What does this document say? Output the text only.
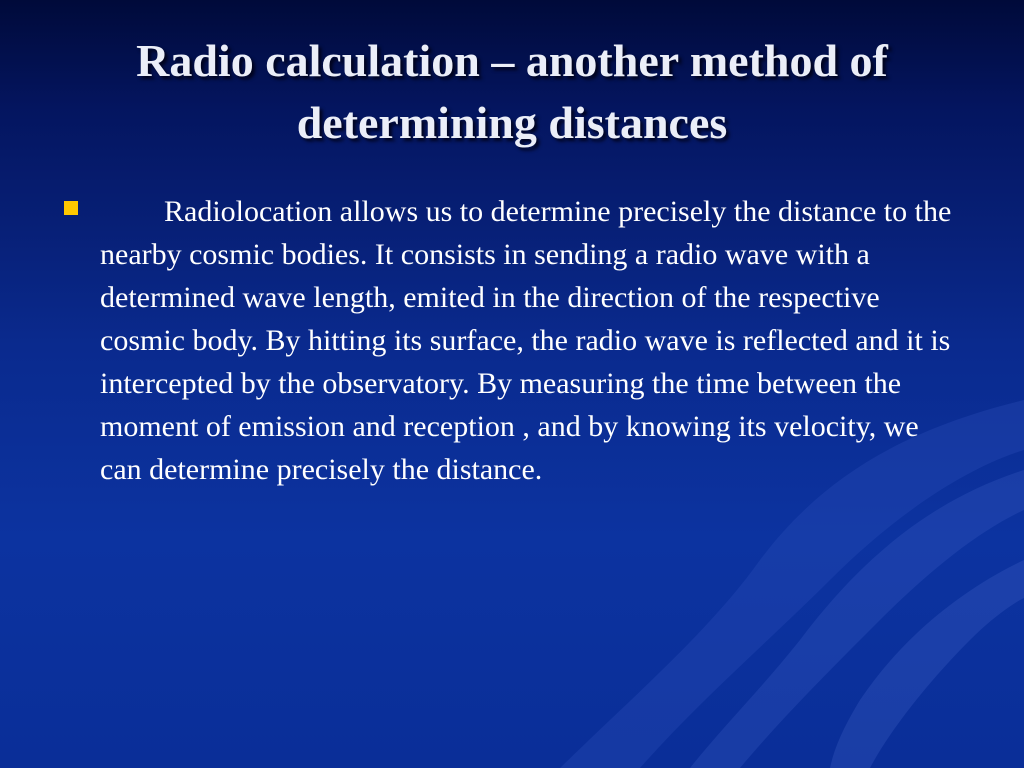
Radio calculation – another method of determining distances
Radiolocation allows us to determine precisely the distance to the nearby cosmic bodies. It consists in sending a radio wave with a determined wave length, emited in the direction of the respective cosmic body. By hitting its surface, the radio wave is reflected and it is intercepted by the observatory. By measuring the time between the moment of emission and reception , and by knowing its velocity, we can determine precisely the distance.
